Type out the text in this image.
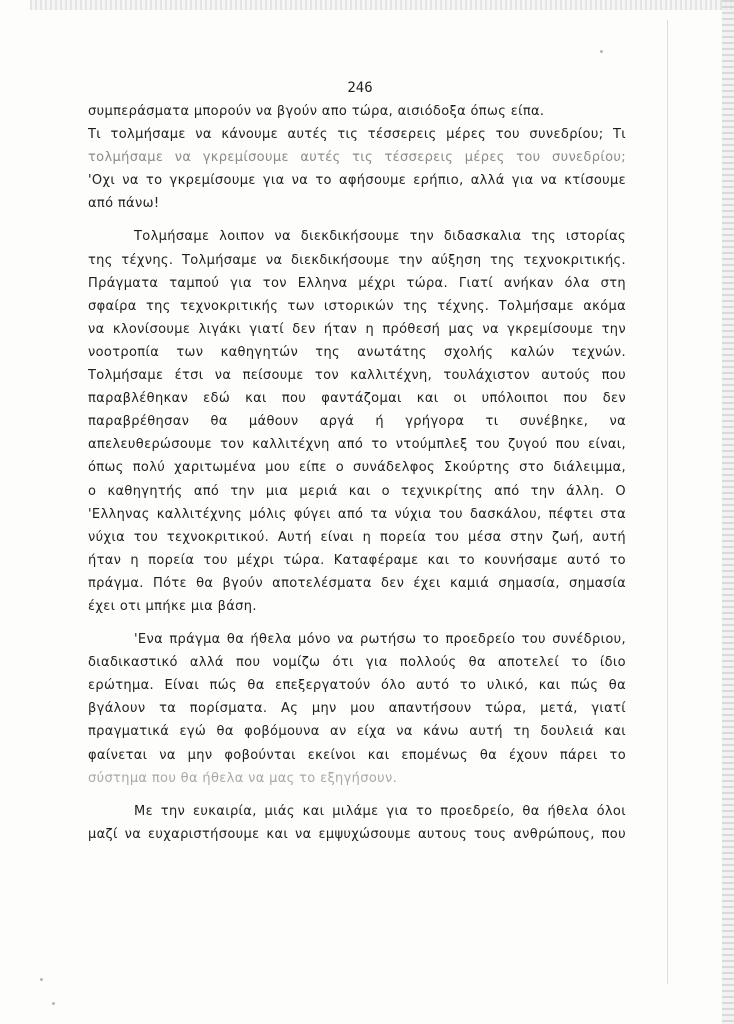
246
συμπεράσματα μπορούν να βγούν απο τώρα, αισιόδοξα όπως είπα.
Τι τολμήσαμε να κάνουμε αυτές τις τέσσερεις μέρες του συνεδρίου; Τι
τολμήσαμε να γκρεμίσουμε αυτές τις τέσσερεις μέρες του συνεδρίου;
'Οχι να το γκρεμίσουμε για να το αφήσουμε ερήπιο, αλλά για να κτίσουμε
από πάνω!
Τολμήσαμε λοιπον να διεκδικήσουμε την διδασκαλια της ιστορίας
της τέχνης. Τολμήσαμε να διεκδικήσουμε την αύξηση της τεχνοκριτικής.
Πράγματα ταμπού για τον Ελληνα μέχρι τώρα. Γιατί ανήκαν όλα στη
σφαίρα της τεχνοκριτικής των ιστορικών της τέχνης. Τολμήσαμε ακόμα
να κλονίσουμε λιγάκι γιατί δεν ήταν η πρόθεσή μας να γκρεμίσουμε την
νοοτροπία των καθηγητών της ανωτάτης σχολής καλών τεχνών.
Τολμήσαμε έτσι να πείσουμε τον καλλιτέχνη, τουλάχιστον αυτούς που
παραβλέθηκαν εδώ και που φαντάζομαι και οι υπόλοιποι που δεν
παραβρέθησαν θα μάθουν αργά ή γρήγορα τι συνέβηκε, να
απελευθερώσουμε τον καλλιτέχνη από το ντούμπλεξ του ζυγού που είναι,
όπως πολύ χαριτωμένα μου είπε ο συνάδελφος Σκούρτης στο διάλειμμα,
ο καθηγητής από την μια μεριά και ο τεχνικρίτης από την άλλη. Ο
'Ελληνας καλλιτέχνης μόλις φύγει από τα νύχια του δασκάλου, πέφτει στα
νύχια του τεχνοκριτικού. Αυτή είναι η πορεία του μέσα στην ζωή, αυτή
ήταν η πορεία του μέχρι τώρα. Καταφέραμε και το κουνήσαμε αυτό το
πράγμα. Πότε θα βγούν αποτελέσματα δεν έχει καμιά σημασία, σημασία
έχει οτι μπήκε μια βάση.
'Ενα πράγμα θα ήθελα μόνο να ρωτήσω το προεδρείο του συνέδριου,
διαδικαστικό αλλά που νομίζω ότι για πολλούς θα αποτελεί το ίδιο
ερώτημα. Είναι πώς θα επεξεργατούν όλο αυτό το υλικό, και πώς θα
βγάλουν τα πορίσματα. Ας μην μου απαντήσουν τώρα, μετά, γιατί
πραγματικά εγώ θα φοβόμουνα αν είχα να κάνω αυτή τη δουλειά και
φαίνεται να μην φοβούνται εκείνοι και επομένως θα έχουν πάρει το
σύστημα που θα ήθελα να μας το εξηγήσουν.
Με την ευκαιρία, μιάς και μιλάμε για το προεδρείο, θα ήθελα όλοι
μαζί να ευχαριστήσουμε και να εμψυχώσουμε αυτους τους ανθρώπους, που
